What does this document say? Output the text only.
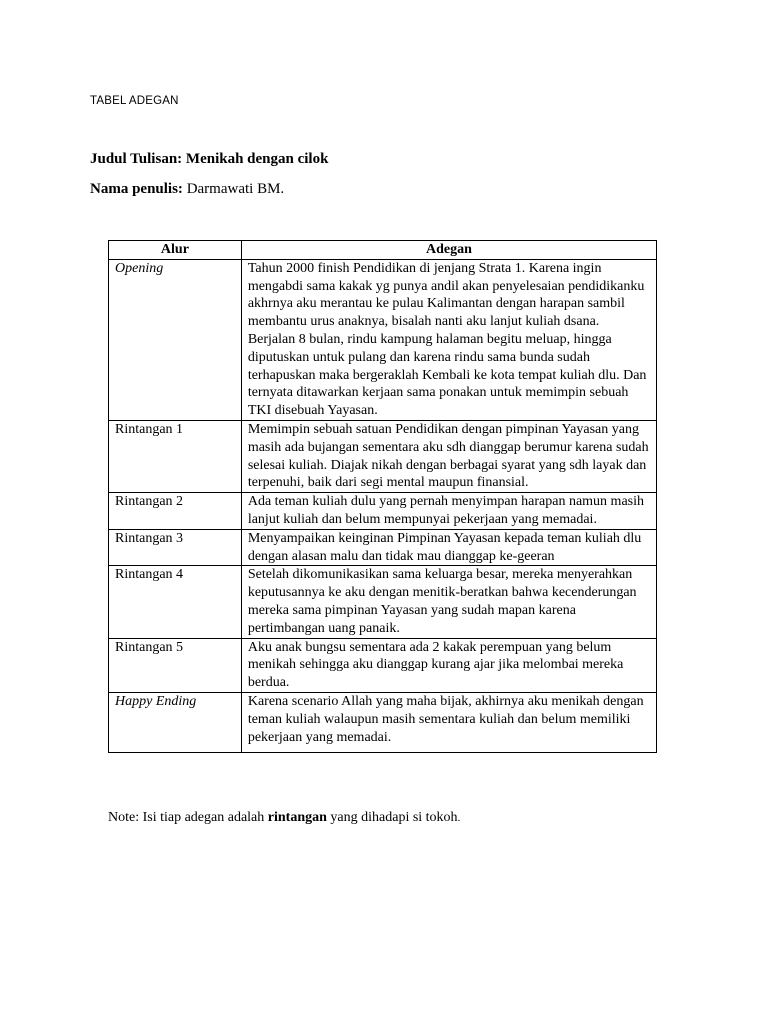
TABEL ADEGAN
Judul Tulisan: Menikah dengan cilok
Nama penulis: Darmawati BM.
Alur	Adegan
Opening	Tahun 2000 finish Pendidikan di jenjang Strata 1. Karena ingin mengabdi sama kakak yg punya andil akan penyelesaian pendidikanku akhrnya aku merantau ke pulau Kalimantan dengan harapan sambil membantu urus anaknya, bisalah nanti aku lanjut kuliah dsana. Berjalan 8 bulan, rindu kampung halaman begitu meluap, hingga diputuskan untuk pulang dan karena rindu sama bunda sudah terhapuskan maka bergeraklah Kembali ke kota tempat kuliah dlu. Dan ternyata ditawarkan kerjaan sama ponakan untuk memimpin sebuah TKI disebuah Yayasan.
Rintangan 1	Memimpin sebuah satuan Pendidikan dengan pimpinan Yayasan yang masih ada bujangan sementara aku sdh dianggap berumur karena sudah selesai kuliah. Diajak nikah dengan berbagai syarat yang sdh layak dan terpenuhi, baik dari segi mental maupun finansial.
Rintangan 2	Ada teman kuliah dulu yang pernah menyimpan harapan namun masih lanjut kuliah dan belum mempunyai pekerjaan yang memadai.
Rintangan 3	Menyampaikan keinginan Pimpinan Yayasan kepada teman kuliah dlu dengan alasan malu dan tidak mau dianggap ke-geeran
Rintangan 4	Setelah dikomunikasikan sama keluarga besar, mereka menyerahkan keputusannya ke aku dengan menitik-beratkan bahwa kecenderungan mereka sama pimpinan Yayasan yang sudah mapan karena pertimbangan uang panaik.
Rintangan 5	Aku anak bungsu sementara ada 2 kakak perempuan yang belum menikah sehingga aku dianggap kurang ajar jika melombai mereka berdua.
Happy Ending	Karena scenario Allah yang maha bijak, akhirnya aku menikah dengan teman kuliah walaupun masih sementara kuliah dan belum memiliki pekerjaan yang memadai.
Note: Isi tiap adegan adalah rintangan yang dihadapi si tokoh.
